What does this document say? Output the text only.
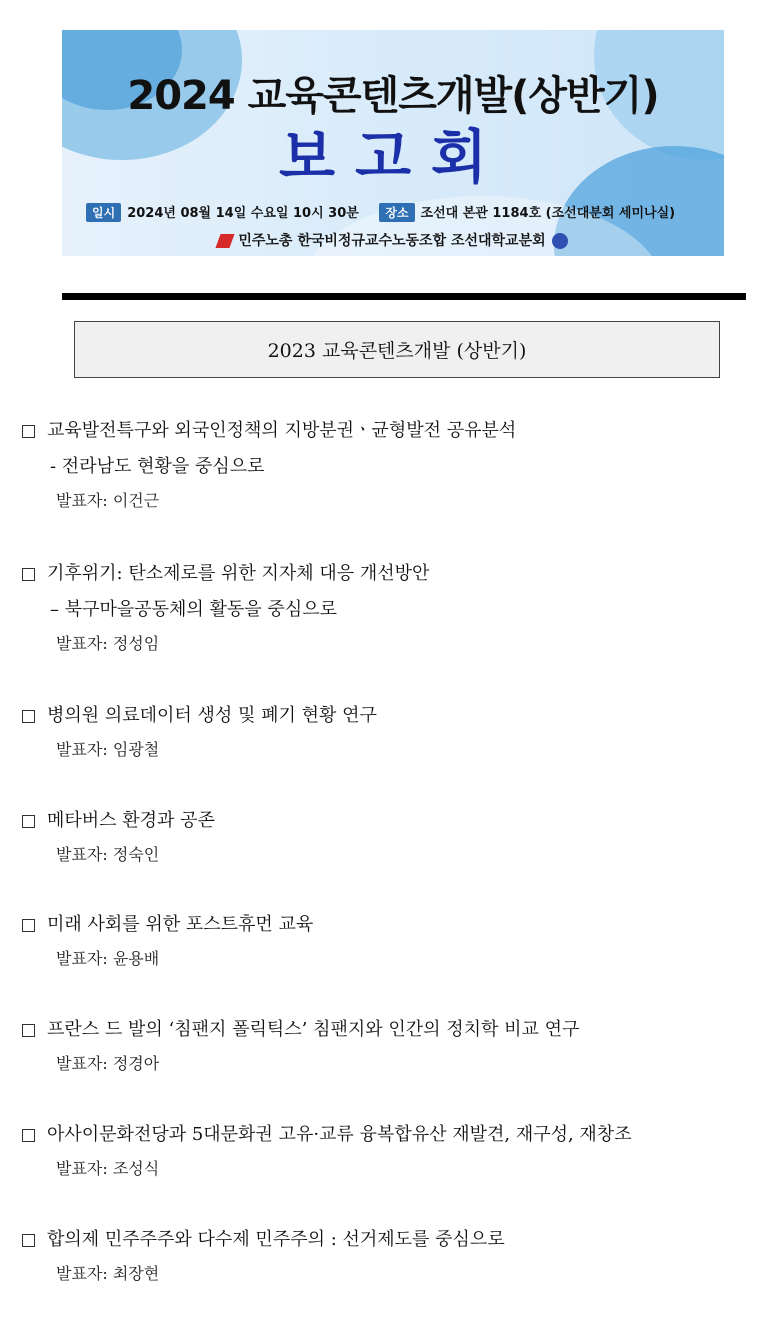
2024 교육콘텐츠개발(상반기)
보고회
일시 2024년 08월 14일 수요일 10시 30분 장소 조선대 본관 1184호 (조선대분회 세미나실)
민주노총 한국비정규교수노동조합 조선대학교분회
2023 교육콘텐츠개발 (상반기)
교육발전특구와 외국인정책의 지방분권ㆍ균형발전 공유분석
- 전라남도 현황을 중심으로
발표자: 이건근
기후위기: 탄소제로를 위한 지자체 대응 개선방안
– 북구마을공동체의 활동을 중심으로
발표자: 정성임
병의원 의료데이터 생성 및 폐기 현황 연구
발표자: 임광철
메타버스 환경과 공존
발표자: 정숙인
미래 사회를 위한 포스트휴먼 교육
발표자: 윤용배
프란스 드 발의 ‘침팬지 폴릭틱스’ 침팬지와 인간의 정치학 비교 연구
발표자: 정경아
아사이문화전당과 5대문화권 고유·교류 융복합유산 재발견, 재구성, 재창조
발표자: 조성식
합의제 민주주주와 다수제 민주주의 : 선거제도를 중심으로
발표자: 최장현
